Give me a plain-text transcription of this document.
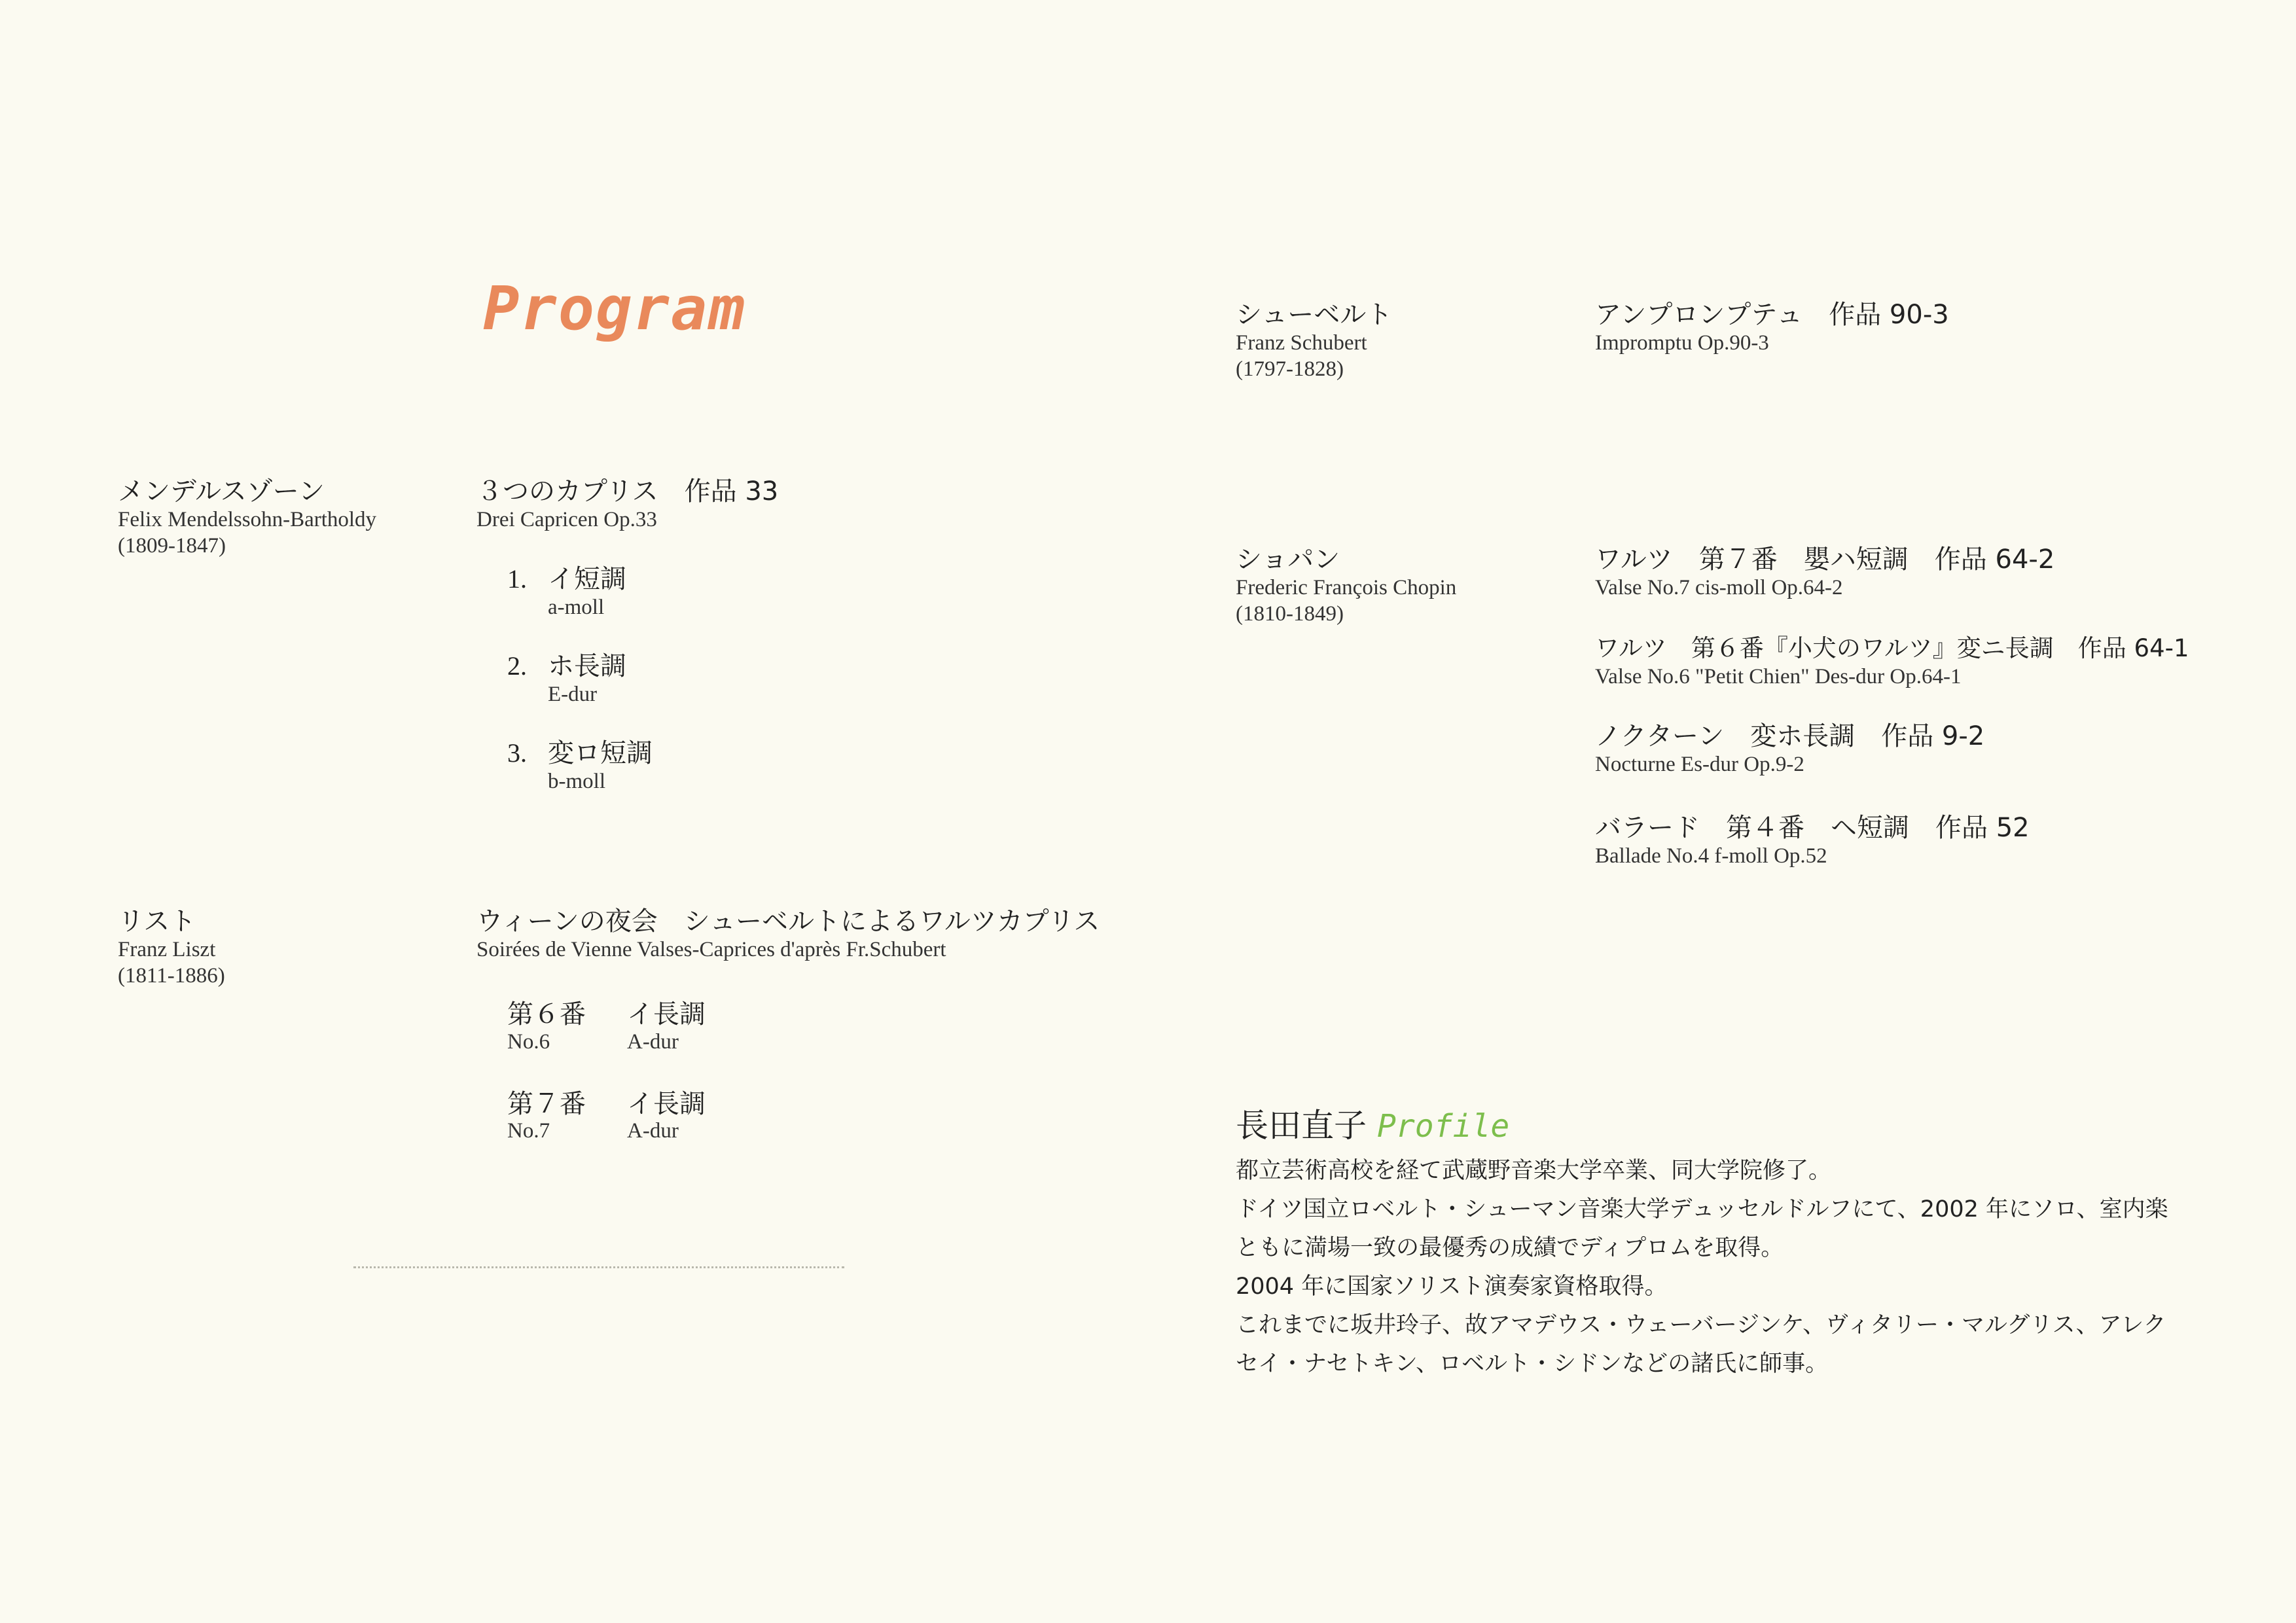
Program
メンデルスゾーン
Felix Mendelssohn-Bartholdy
(1809-1847)
３つのカプリス　作品 33
Drei Capricen Op.33
1. イ短調
a-moll
2. ホ長調
E-dur
3. 変ロ短調
b-moll
リスト
Franz Liszt
(1811-1886)
ウィーンの夜会　シューベルトによるワルツカプリス
Soirées de Vienne Valses-Caprices d'après Fr.Schubert
第６番 イ長調
No.6	A-dur
第７番 イ長調
No.7	A-dur
シューベルト
Franz Schubert
(1797-1828)
アンプロンプテュ　作品 90-3
Impromptu Op.90-3
ショパン
Frederic François Chopin
(1810-1849)
ワルツ　第７番　嬰ハ短調　作品 64-2
Valse No.7 cis-moll Op.64-2
ワルツ　第６番『小犬のワルツ』変ニ長調　作品 64-1
Valse No.6 "Petit Chien" Des-dur Op.64-1
ノクターン　変ホ長調　作品 9-2
Nocturne Es-dur Op.9-2
バラード　第４番　ヘ短調　作品 52
Ballade No.4 f-moll Op.52
長田直子 Profile
都立芸術高校を経て武蔵野音楽大学卒業、同大学院修了。
ドイツ国立ロベルト・シューマン音楽大学デュッセルドルフにて、2002 年にソロ、室内楽
ともに満場一致の最優秀の成績でディプロムを取得。
2004 年に国家ソリスト演奏家資格取得。
これまでに坂井玲子、故アマデウス・ウェーバージンケ、ヴィタリー・マルグリス、アレク
セイ・ナセトキン、ロベルト・シドンなどの諸氏に師事。
